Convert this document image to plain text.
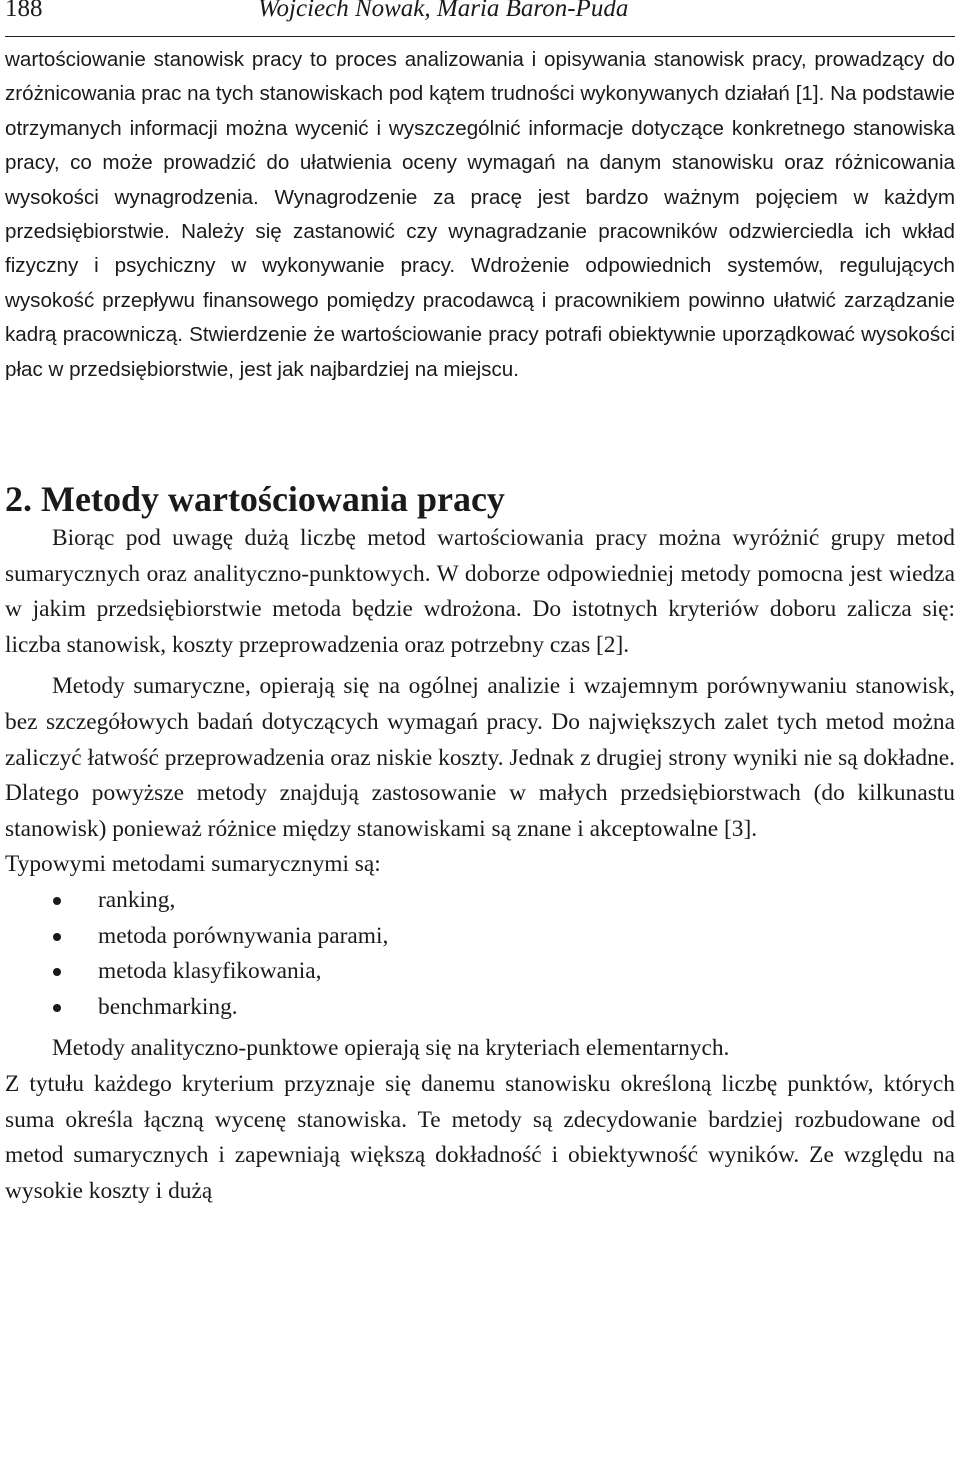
188	Wojciech Nowak, Maria Baron-Puda

wartościowanie stanowisk pracy to proces analizowania i opisywania stanowisk pracy, prowadzący do zróżnicowania prac na tych stanowiskach pod kątem trudności wykonywanych działań [1]. Na podstawie otrzymanych informacji można wycenić i wyszczególnić informacje dotyczące konkretnego stanowiska pracy, co może prowadzić do ułatwienia oceny wymagań na danym stanowisku oraz różnicowania wysokości wynagrodzenia. Wynagrodzenie za pracę jest bardzo ważnym pojęciem w każdym przedsiębiorstwie. Należy się zastanowić czy wynagradzanie pracowników odzwierciedla ich wkład fizyczny i psychiczny w wykonywanie pracy. Wdrożenie odpowiednich systemów, regulujących wysokość przepływu finansowego pomiędzy pracodawcą i pracownikiem powinno ułatwić zarządzanie kadrą pracowniczą. Stwierdzenie że wartościowanie pracy potrafi obiektywnie uporządkować wysokości płac w przedsiębiorstwie, jest jak najbardziej na miejscu.

2. Metody wartościowania pracy

Biorąc pod uwagę dużą liczbę metod wartościowania pracy można wyróżnić grupy metod sumarycznych oraz analityczno-punktowych. W doborze odpowiedniej metody pomocna jest wiedza w jakim przedsiębiorstwie metoda będzie wdrożona. Do istotnych kryteriów doboru zalicza się: liczba stanowisk, koszty przeprowadzenia oraz potrzebny czas [2].

Metody sumaryczne, opierają się na ogólnej analizie i wzajemnym porównywaniu stanowisk, bez szczegółowych badań dotyczących wymagań pracy. Do największych zalet tych metod można zaliczyć łatwość przeprowadzenia oraz niskie koszty. Jednak z drugiej strony wyniki nie są dokładne. Dlatego powyższe metody znajdują zastosowanie w małych przedsiębiorstwach (do kilkunastu stanowisk) ponieważ różnice między stanowiskami są znane i akceptowalne [3].

Typowymi metodami sumarycznymi są:

ranking,
metoda porównywania parami,
metoda klasyfikowania,
benchmarking.

Metody analityczno-punktowe opierają się na kryteriach elementarnych.

Z tytułu każdego kryterium przyznaje się danemu stanowisku określoną liczbę punktów, których suma określa łączną wycenę stanowiska. Te metody są zdecydowanie bardziej rozbudowane od metod sumarycznych i zapewniają większą dokładność i obiektywność wyników. Ze względu na wysokie koszty i dużą
